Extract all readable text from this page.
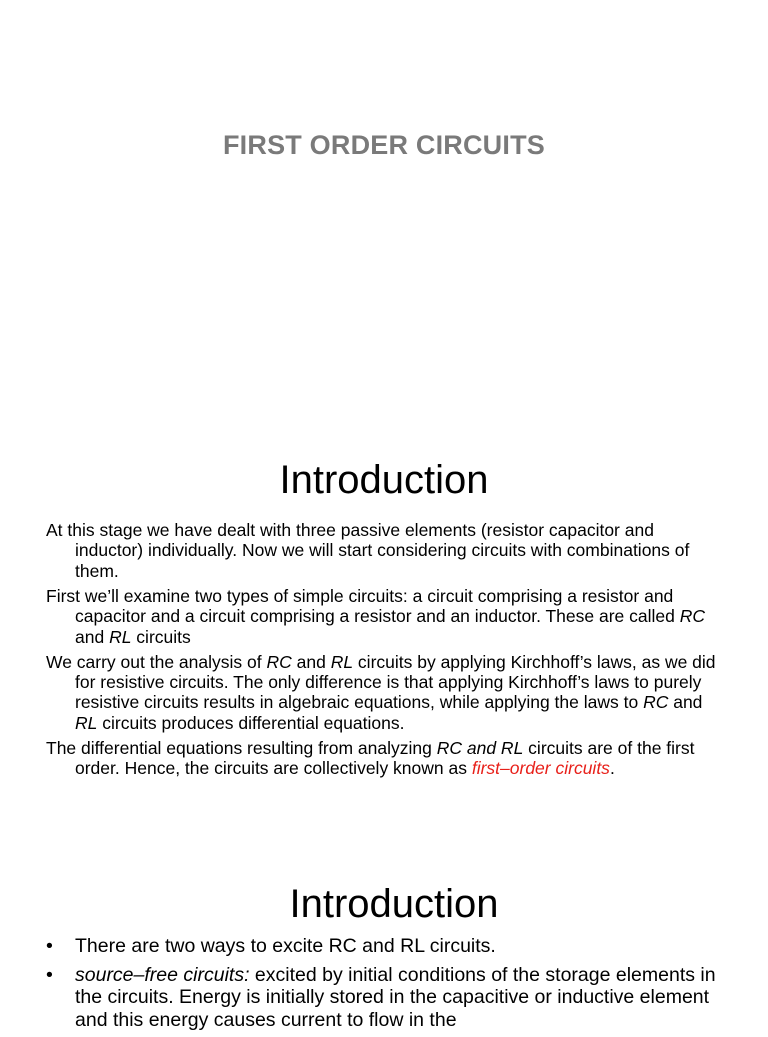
FIRST ORDER CIRCUITS
Introduction

At this stage we have dealt with three passive elements (resistor capacitor and inductor) individually. Now we will start considering circuits with combinations of them.

First we’ll examine two types of simple circuits: a circuit comprising a resistor and capacitor and a circuit comprising a resistor and an inductor. These are called RC and RL circuits

We carry out the analysis of RC and RL circuits by applying Kirchhoff’s laws, as we did for resistive circuits. The only difference is that applying Kirchhoff’s laws to purely resistive circuits results in algebraic equations, while applying the laws to RC and RL circuits produces differential equations.

The differential equations resulting from analyzing RC and RL circuits are of the first order. Hence, the circuits are collectively known as first–order circuits.

Introduction
• There are two ways to excite RC and RL circuits.
• source–free circuits: excited by initial conditions of the storage elements in the circuits. Energy is initially stored in the capacitive or inductive element and this energy causes current to flow in the
